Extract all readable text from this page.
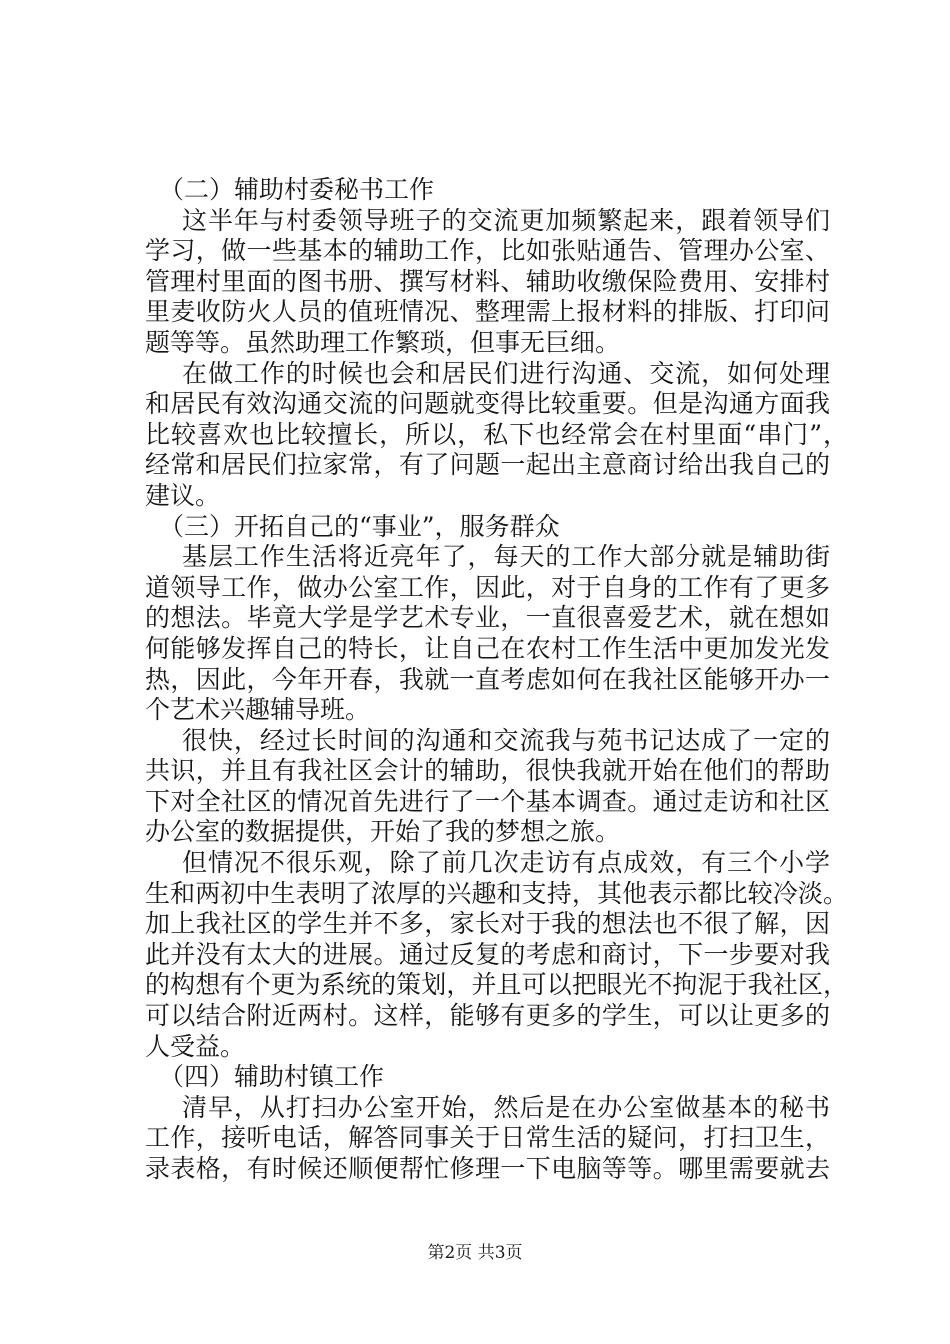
（二）辅助村委秘书工作
这半年与村委领导班子的交流更加频繁起来，跟着领导们
学习，做一些基本的辅助工作，比如张贴通告、管理办公室、
管理村里面的图书册、撰写材料、辅助收缴保险费用、安排村
里麦收防火人员的值班情况、整理需上报材料的排版、打印问
题等等。虽然助理工作繁琐，但事无巨细。
在做工作的时候也会和居民们进行沟通、交流，如何处理
和居民有效沟通交流的问题就变得比较重要。但是沟通方面我
比较喜欢也比较擅长，所以，私下也经常会在村里面“串门”，
经常和居民们拉家常，有了问题一起出主意商讨给出我自己的
建议。
（三）开拓自己的“事业”，服务群众
基层工作生活将近亮年了，每天的工作大部分就是辅助街
道领导工作，做办公室工作，因此，对于自身的工作有了更多
的想法。毕竟大学是学艺术专业，一直很喜爱艺术，就在想如
何能够发挥自己的特长，让自己在农村工作生活中更加发光发
热，因此，今年开春，我就一直考虑如何在我社区能够开办一
个艺术兴趣辅导班。
很快，经过长时间的沟通和交流我与苑书记达成了一定的
共识，并且有我社区会计的辅助，很快我就开始在他们的帮助
下对全社区的情况首先进行了一个基本调查。通过走访和社区
办公室的数据提供，开始了我的梦想之旅。
但情况不很乐观，除了前几次走访有点成效，有三个小学
生和两初中生表明了浓厚的兴趣和支持，其他表示都比较冷淡。
加上我社区的学生并不多，家长对于我的想法也不很了解，因
此并没有太大的进展。通过反复的考虑和商讨，下一步要对我
的构想有个更为系统的策划，并且可以把眼光不拘泥于我社区，
可以结合附近两村。这样，能够有更多的学生，可以让更多的
人受益。
（四）辅助村镇工作
清早，从打扫办公室开始，然后是在办公室做基本的秘书
工作，接听电话，解答同事关于日常生活的疑问，打扫卫生，
录表格，有时候还顺便帮忙修理一下电脑等等。哪里需要就去
第2页 共3页
